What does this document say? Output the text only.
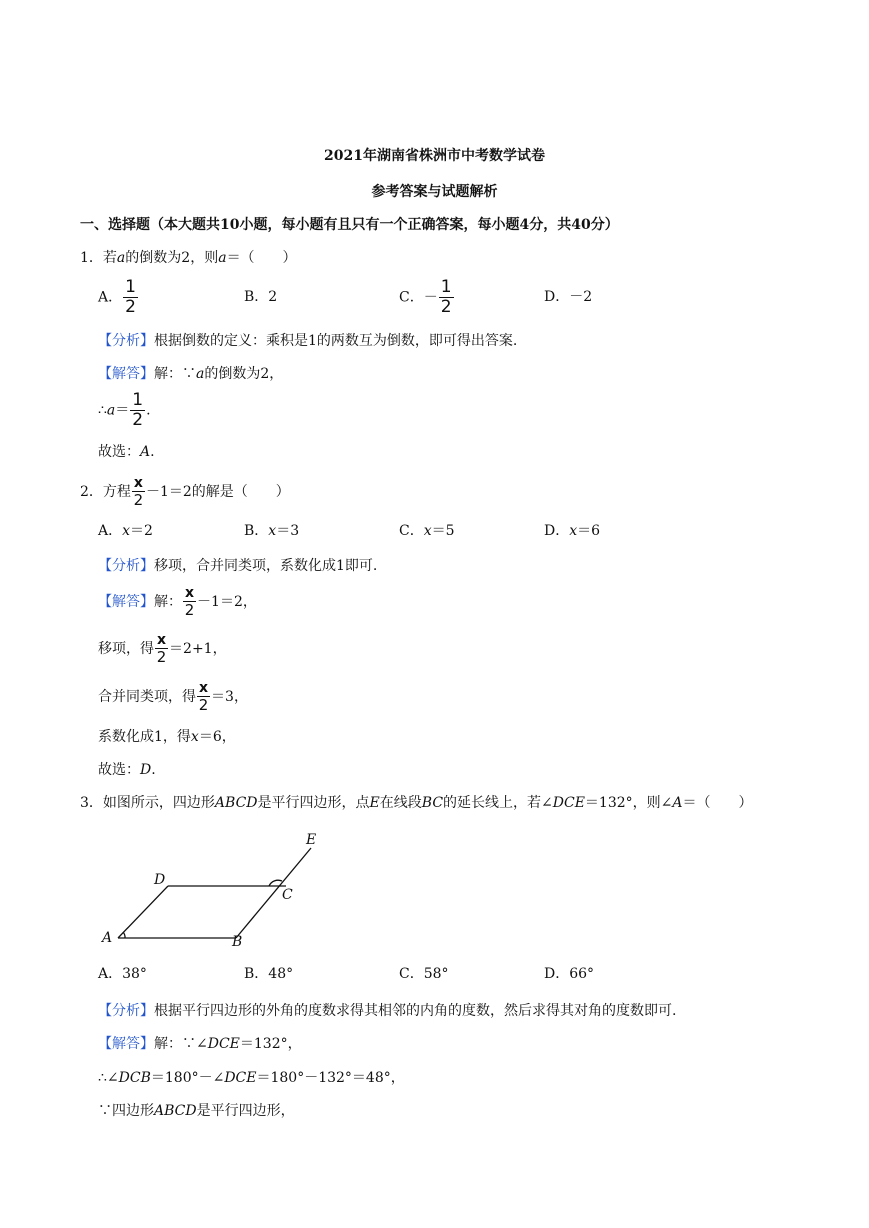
2021年湖南省株洲市中考数学试卷
参考答案与试题解析
一、选择题（本大题共10小题，每小题有且只有一个正确答案，每小题4分，共40分）
1．若a的倒数为2，则a＝（　　）
A． $\frac{1}{2}$	B．2	C．－ $\frac{1}{2}$	D．－2
【分析】根据倒数的定义：乘积是1的两数互为倒数，即可得出答案.
【解答】解：∵a的倒数为2，
∴a＝ $\frac{1}{2}$ .
故选：A.
2．方程 $\frac{x}{2} -1=2$的解是（　　）
A．x＝2	B．x＝3	C．x＝5	D．x＝6
【分析】移项，合并同类项，系数化成1即可.
【解答】解： $\frac{x}{2} -1=2$，
移项，得 $\frac{x}{2} =2+1$，
合并同类项，得 $\frac{x}{2} =3$，
系数化成1，得x＝6，
故选：D.
3．如图所示，四边形ABCD是平行四边形，点E在线段BC的延长线上，若∠DCE＝132°，则∠A＝（　　）
A	B
C
D
E
A．38°	B．48°	C．58°	D．66°
【分析】根据平行四边形的外角的度数求得其相邻的内角的度数，然后求得其对角的度数即可.
【解答】解：∵∠DCE＝132°，
∴∠DCB＝180°－∠DCE＝180°－132°＝48°，
∵四边形ABCD是平行四边形，
